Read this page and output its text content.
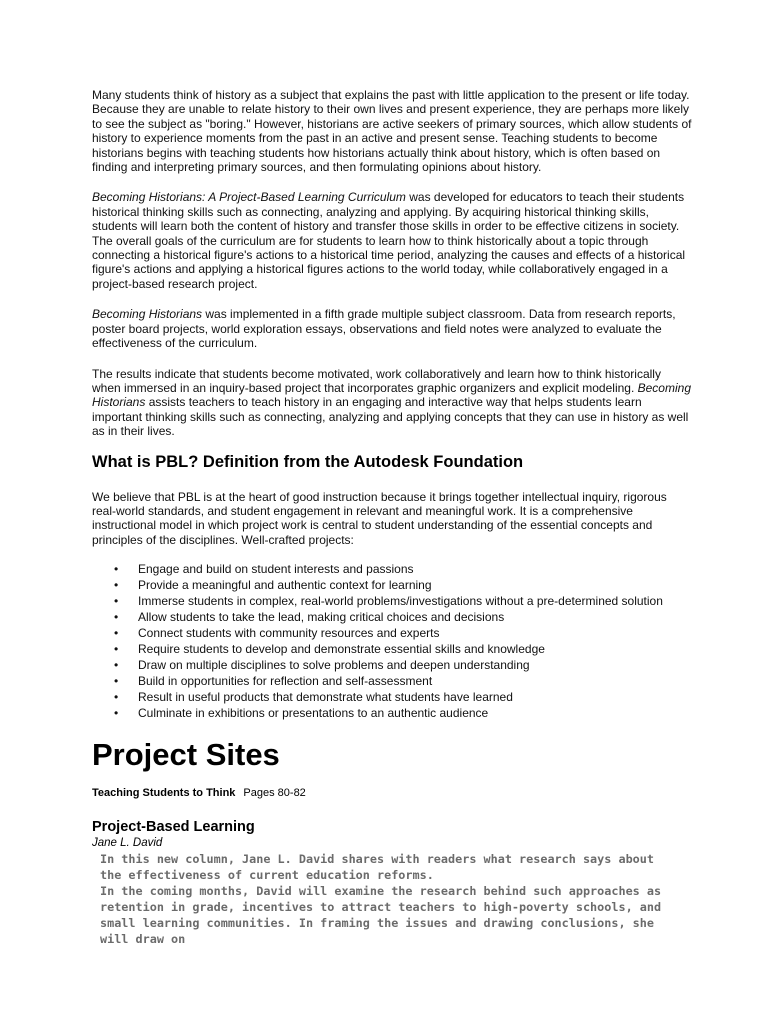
Many students think of history as a subject that explains the past with little application to the present or life today. Because they are unable to relate history to their own lives and present experience, they are perhaps more likely to see the subject as "boring." However, historians are active seekers of primary sources, which allow students of history to experience moments from the past in an active and present sense. Teaching students to become historians begins with teaching students how historians actually think about history, which is often based on finding and interpreting primary sources, and then formulating opinions about history.

Becoming Historians: A Project-Based Learning Curriculum was developed for educators to teach their students historical thinking skills such as connecting, analyzing and applying. By acquiring historical thinking skills, students will learn both the content of history and transfer those skills in order to be effective citizens in society. The overall goals of the curriculum are for students to learn how to think historically about a topic through connecting a historical figure's actions to a historical time period, analyzing the causes and effects of a historical figure's actions and applying a historical figures actions to the world today, while collaboratively engaged in a project-based research project.

Becoming Historians was implemented in a fifth grade multiple subject classroom. Data from research reports, poster board projects, world exploration essays, observations and field notes were analyzed to evaluate the effectiveness of the curriculum.

The results indicate that students become motivated, work collaboratively and learn how to think historically when immersed in an inquiry-based project that incorporates graphic organizers and explicit modeling. Becoming Historians assists teachers to teach history in an engaging and interactive way that helps students learn important thinking skills such as connecting, analyzing and applying concepts that they can use in history as well as in their lives.

What is PBL? Definition from the Autodesk Foundation

We believe that PBL is at the heart of good instruction because it brings together intellectual inquiry, rigorous real-world standards, and student engagement in relevant and meaningful work. It is a comprehensive instructional model in which project work is central to student understanding of the essential concepts and principles of the disciplines. Well-crafted projects:

• Engage and build on student interests and passions
• Provide a meaningful and authentic context for learning
• Immerse students in complex, real-world problems/investigations without a pre-determined solution
• Allow students to take the lead, making critical choices and decisions
• Connect students with community resources and experts
• Require students to develop and demonstrate essential skills and knowledge
• Draw on multiple disciplines to solve problems and deepen understanding
• Build in opportunities for reflection and self-assessment
• Result in useful products that demonstrate what students have learned
• Culminate in exhibitions or presentations to an authentic audience
Project Sites
Teaching Students to Think Pages 80-82
Project-Based Learning
Jane L. David
In this new column, Jane L. David shares with readers what research says about the effectiveness of current education reforms.
In the coming months, David will examine the research behind such approaches as retention in grade, incentives to attract teachers to high-poverty schools, and small learning communities. In framing the issues and drawing conclusions, she will draw on
